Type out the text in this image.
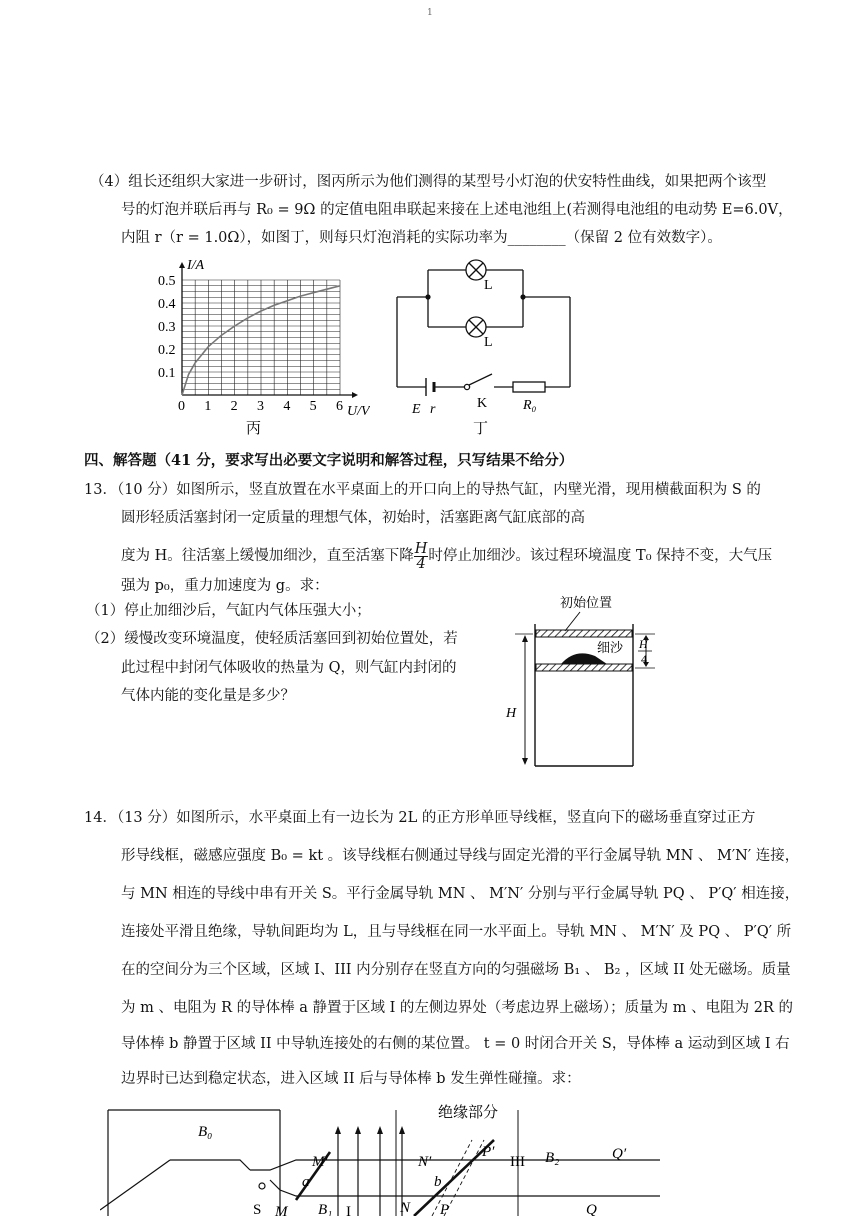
1
（4）组长还组织大家进一步研讨，图丙所示为他们测得的某型号小灯泡的伏安特性曲线，如果把两个该型
号的灯泡并联后再与 R₀ = 9Ω 的定值电阻串联起来接在上述电池组上(若测得电池组的电动势 E=6.0V，
内阻 r（r = 1.0Ω），如图丁，则每只灯泡消耗的实际功率为________（保留 2 位有效数字）。
0 1 2 3 4 5 6
0.1
0.2
0.3
0.4
0.5
I/A
U/V
丙
L
L
E r	K	R₀
丁
四、解答题（41 分，要求写出必要文字说明和解答过程，只写结果不给分）
13．（10 分）如图所示，竖直放置在水平桌面上的开口向上的导热气缸，内壁光滑，现用横截面积为 S 的
圆形轻质活塞封闭一定质量的理想气体，初始时，活塞距离气缸底部的高
度为 H。往活塞上缓慢加细沙，直至活塞下降 $\frac{H}{4}$ 时停止加细沙。该过程环境温度 T₀ 保持不变，大气压
强为 p₀，重力加速度为 g。求：
（1）停止加细沙后，气缸内气体压强大小；
（2）缓慢改变环境温度，使轻质活塞回到初始位置处，若
此过程中封闭气体吸收的热量为 Q，则气缸内封闭的
气体内能的变化量是多少？
初始位置
细沙 H
4
H
14．（13 分）如图所示，水平桌面上有一边长为 2L 的正方形单匝导线框，竖直向下的磁场垂直穿过正方
形导线框，磁感应强度 B₀ = kt 。该导线框右侧通过导线与固定光滑的平行金属导轨 MN 、 M′N′ 连接，
与 MN 相连的导线中串有开关 S。平行金属导轨 MN 、 M′N′ 分别与平行金属导轨 PQ 、 P′Q′ 相连接，
连接处平滑且绝缘，导轨间距均为 L，且与导线框在同一水平面上。导轨 MN 、 M′N′ 及 PQ 、 P′Q′ 所
在的空间分为三个区域，区域 I、III 内分别存在竖直方向的匀强磁场 B₁ 、 B₂ ，区域 II 处无磁场。质量
为 m 、电阻为 R 的导体棒 a 静置于区域 I 的左侧边界处（考虑边界上磁场）；质量为 m 、电阻为 2R 的
导体棒 b 静置于区域 II 中导轨连接处的右侧的某位置。 t = 0 时闭合开关 S，导体棒 a 运动到区域 I 右
边界时已达到稳定状态，进入区域 II 后与导体棒 b 发生弹性碰撞。求：
绝缘部分
B₀
M′	N′
P′
III B₂	Q′
a	b
S M B₁ I	N P	Q
